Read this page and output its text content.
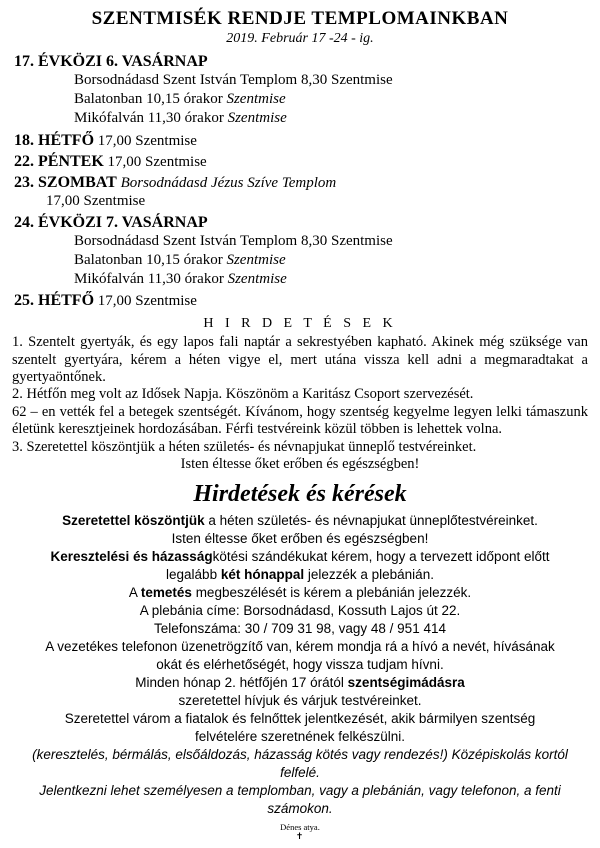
SZENTMISÉK RENDJE TEMPLOMAINKBAN
2019. Február 17 -24 - ig.
17. ÉVKÖZI 6. VASÁRNAP
Borsodnádasd Szent István Templom 8,30 Szentmise
Balatonban 10,15 órakor Szentmise
Mikófalván 11,30 órakor Szentmise
18. HÉTFŐ 17,00 Szentmise
22. PÉNTEK 17,00 Szentmise
23. SZOMBAT Borsodnádasd Jézus Szíve Templom
17,00 Szentmise
24. ÉVKÖZI 7. VASÁRNAP
Borsodnádasd Szent István Templom 8,30 Szentmise
Balatonban 10,15 órakor Szentmise
Mikófalván 11,30 órakor Szentmise
25. HÉTFŐ 17,00 Szentmise
H I R D E T É S E K
1. Szentelt gyertyák, és egy lapos fali naptár a sekrestyében kapható. Akinek még szüksége van szentelt gyertyára, kérem a héten vigye el, mert utána vissza kell adni a megmaradtakat a gyertyaöntőnek.
2. Hétfőn meg volt az Idősek Napja. Köszönöm a Karitász Csoport szervezését.
62 – en vették fel a betegek szentségét. Kívánom, hogy szentség kegyelme legyen lelki támaszunk életünk keresztjeinek hordozásában. Férfi testvéreink közül többen is lehettek volna.
3. Szeretettel köszöntjük a héten születés- és névnapjukat ünneplő testvéreinket.
Isten éltesse őket erőben és egészségben!
Hirdetések és kérések
Szeretettel köszöntjük a héten születés- és névnapjukat ünneplőtestvéreinket.
Isten éltesse őket erőben és egészségben!
Keresztelési és házasságkötési szándékukat kérem, hogy a tervezett időpont előtt
legalább két hónappal jelezzék a plebánián.
A temetés megbeszélését is kérem a plebánián jelezzék.
A plebánia címe: Borsodnádasd, Kossuth Lajos út 22.
Telefonszáma: 30 / 709 31 98, vagy 48 / 951 414
A vezetékes telefonon üzenetrögzítő van, kérem mondja rá a hívó a nevét, hívásának
okát és elérhetőségét, hogy vissza tudjam hívni.
Minden hónap 2. hétfőjén 17 órától szentségimádásra
szeretettel hívjuk és várjuk testvéreinket.
Szeretettel várom a fiatalok és felnőttek jelentkezését, akik bármilyen szentség
felvételére szeretnének felkészülni.
(keresztelés, bérmálás, elsőáldozás, házasság kötés vagy rendezés!) Középiskolás kortól felfelé.
Jelentkezni lehet személyesen a templomban, vagy a plebánián, vagy telefonon, a fenti számokon.
Dénes atya.
✝
